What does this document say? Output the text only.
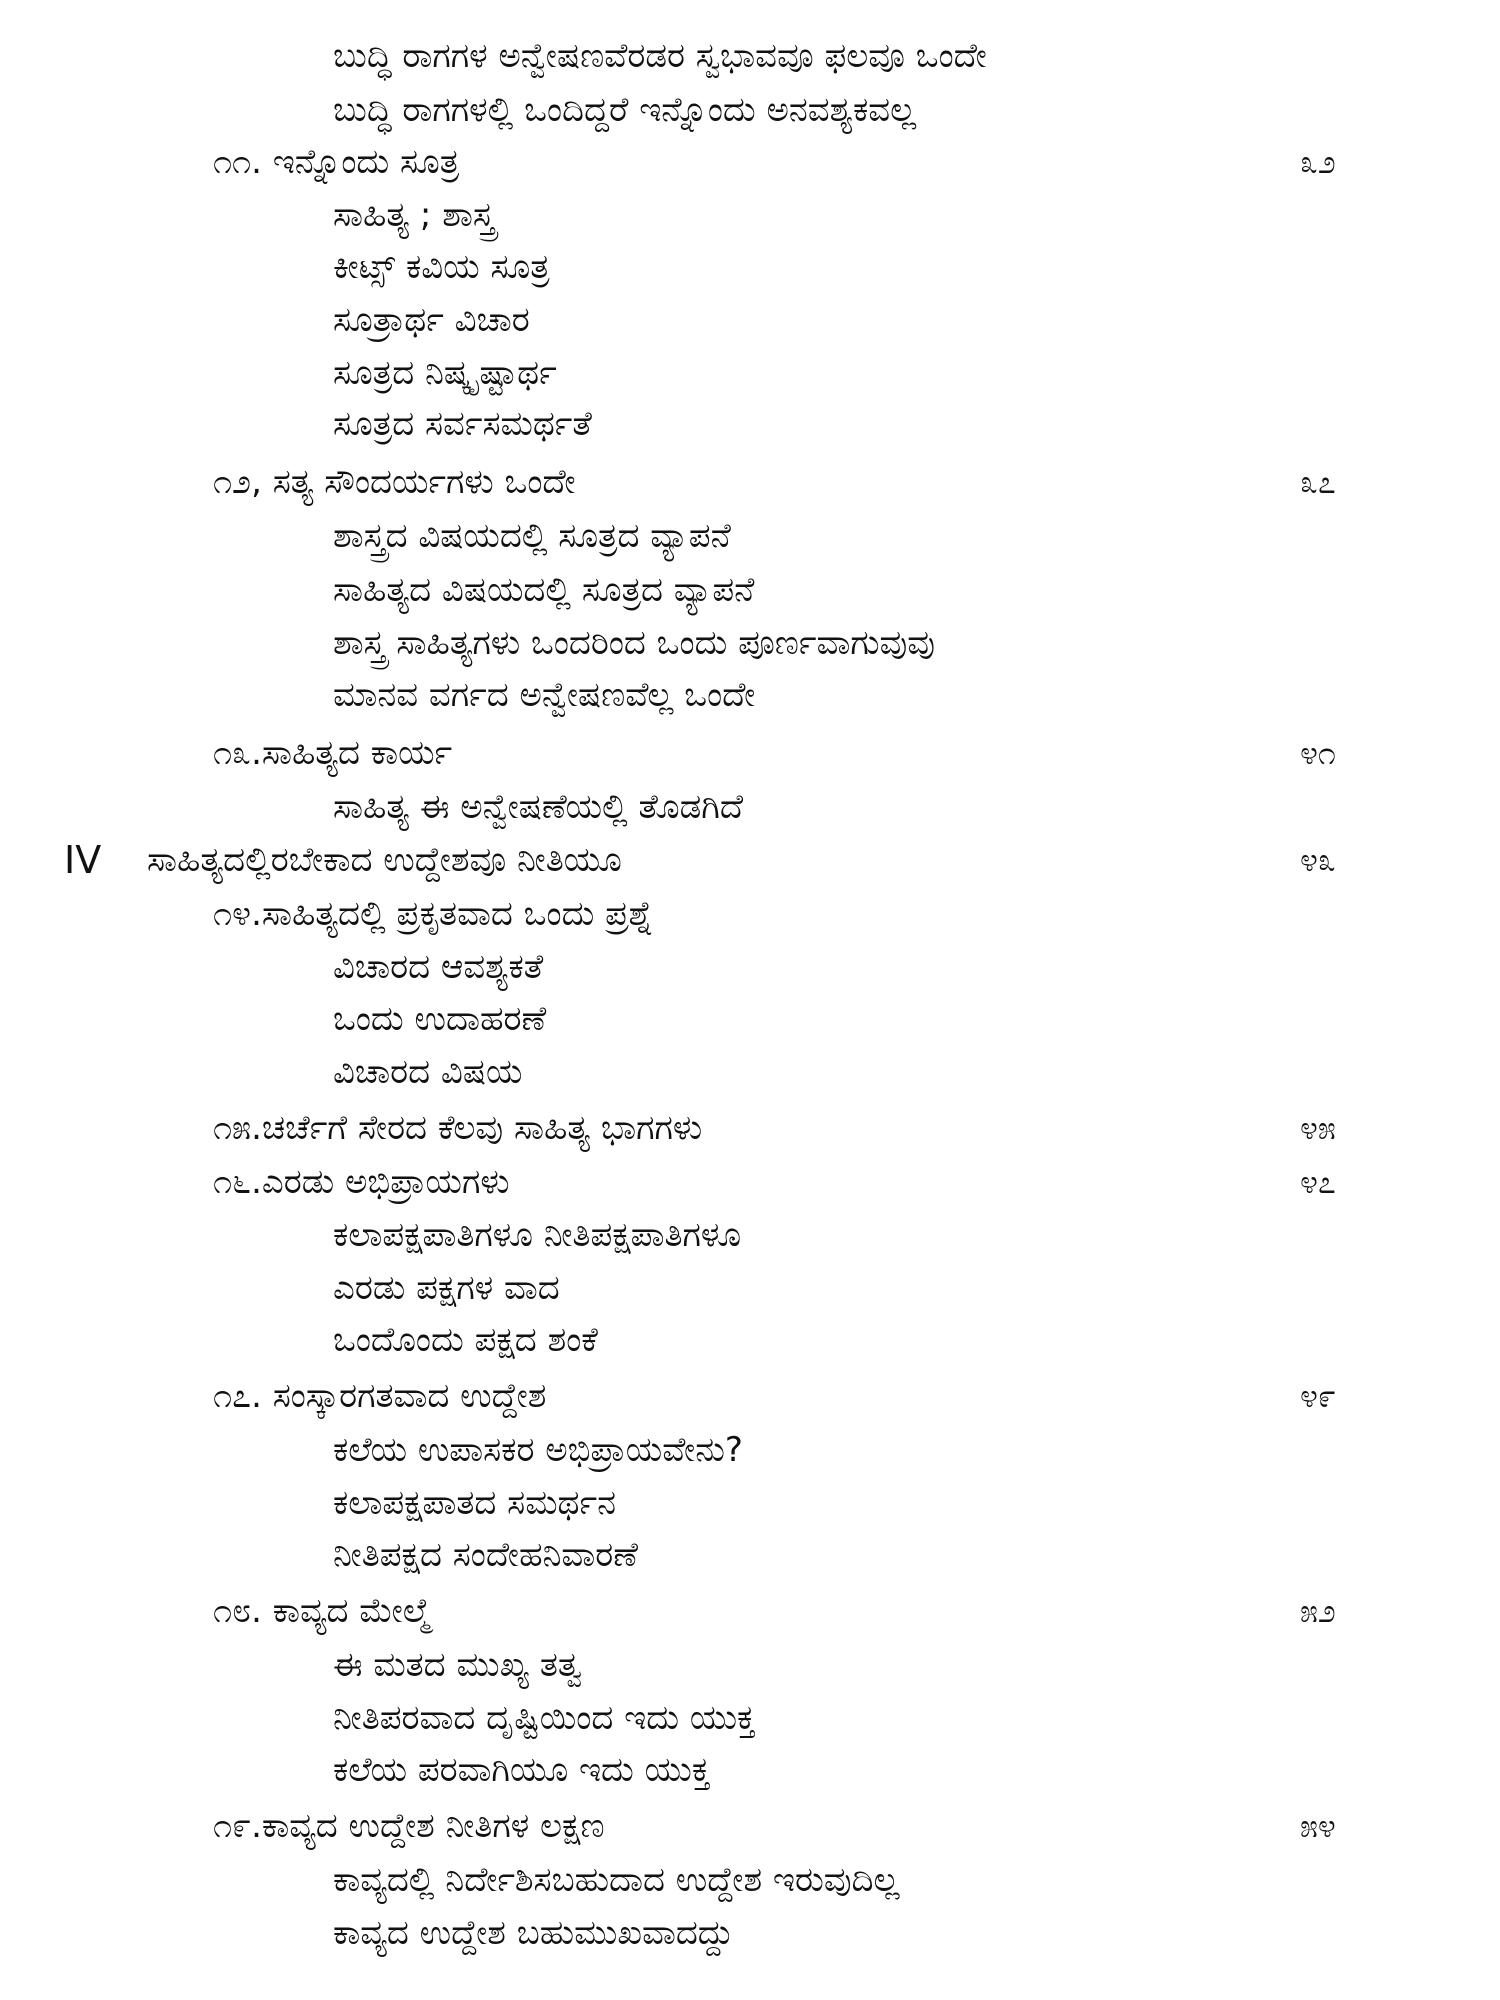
ಬುದ್ಧಿ ರಾಗಗಳ ಅನ್ವೇಷಣವೆರಡರ ಸ್ವಭಾವವೂ ಫಲವೂ ಒಂದೇ
ಬುದ್ಧಿ ರಾಗಗಳಲ್ಲಿ ಒಂದಿದ್ದರೆ ಇನ್ನೊಂದು ಅನವಶ್ಯಕವಲ್ಲ
೧೧. ಇನ್ನೊಂದು ಸೂತ್ರ	೩೨
ಸಾಹಿತ್ಯ ; ಶಾಸ್ತ್ರ
ಕೀಟ್ಸ್ ಕವಿಯ ಸೂತ್ರ
ಸೂತ್ರಾರ್ಥ ವಿಚಾರ
ಸೂತ್ರದ ನಿಷ್ಕೃಷ್ಟಾರ್ಥ
ಸೂತ್ರದ ಸರ್ವಸಮರ್ಥತೆ
೧೨, ಸತ್ಯ ಸೌಂದರ್ಯಗಳು ಒಂದೇ	೩೭
ಶಾಸ್ತ್ರದ ವಿಷಯದಲ್ಲಿ ಸೂತ್ರದ ವ್ಯಾಪನೆ
ಸಾಹಿತ್ಯದ ವಿಷಯದಲ್ಲಿ ಸೂತ್ರದ ವ್ಯಾಪನೆ
ಶಾಸ್ತ್ರ ಸಾಹಿತ್ಯಗಳು ಒಂದರಿಂದ ಒಂದು ಪೂರ್ಣವಾಗುವುವು
ಮಾನವ ವರ್ಗದ ಅನ್ವೇಷಣವೆಲ್ಲ ಒಂದೇ
೧೩.ಸಾಹಿತ್ಯದ ಕಾರ್ಯ	೪೧
ಸಾಹಿತ್ಯ ಈ ಅನ್ವೇಷಣೆಯಲ್ಲಿ ತೊಡಗಿದೆ
IV ಸಾಹಿತ್ಯದಲ್ಲಿರಬೇಕಾದ ಉದ್ದೇಶವೂ ನೀತಿಯೂ	೪೩
೧೪.ಸಾಹಿತ್ಯದಲ್ಲಿ ಪ್ರಕೃತವಾದ ಒಂದು ಪ್ರಶ್ನೆ
ವಿಚಾರದ ಆವಶ್ಯಕತೆ
ಒಂದು ಉದಾಹರಣೆ
ವಿಚಾರದ ವಿಷಯ
೧೫.ಚರ್ಚೆಗೆ ಸೇರದ ಕೆಲವು ಸಾಹಿತ್ಯ ಭಾಗಗಳು	೪೫
೧೬.ಎರಡು ಅಭಿಪ್ರಾಯಗಳು	೪೭
ಕಲಾಪಕ್ಷಪಾತಿಗಳೂ ನೀತಿಪಕ್ಷಪಾತಿಗಳೂ
ಎರಡು ಪಕ್ಷಗಳ ವಾದ
ಒಂದೊಂದು ಪಕ್ಷದ ಶಂಕೆ
೧೭. ಸಂಸ್ಕಾರಗತವಾದ ಉದ್ದೇಶ	೪೯
ಕಲೆಯ ಉಪಾಸಕರ ಅಭಿಪ್ರಾಯವೇನು?
ಕಲಾಪಕ್ಷಪಾತದ ಸಮರ್ಥನ
ನೀತಿಪಕ್ಷದ ಸಂದೇಹನಿವಾರಣೆ
೧೮. ಕಾವ್ಯದ ಮೇಲ್ಮೆ	೫೨
ಈ ಮತದ ಮುಖ್ಯ ತತ್ವ
ನೀತಿಪರವಾದ ದೃಷ್ಟಿಯಿಂದ ಇದು ಯುಕ್ತ
ಕಲೆಯ ಪರವಾಗಿಯೂ ಇದು ಯುಕ್ತ
೧೯.ಕಾವ್ಯದ ಉದ್ದೇಶ ನೀತಿಗಳ ಲಕ್ಷಣ	೫೪
ಕಾವ್ಯದಲ್ಲಿ ನಿರ್ದೇಶಿಸಬಹುದಾದ ಉದ್ದೇಶ ಇರುವುದಿಲ್ಲ
ಕಾವ್ಯದ ಉದ್ದೇಶ ಬಹುಮುಖವಾದದ್ದು
